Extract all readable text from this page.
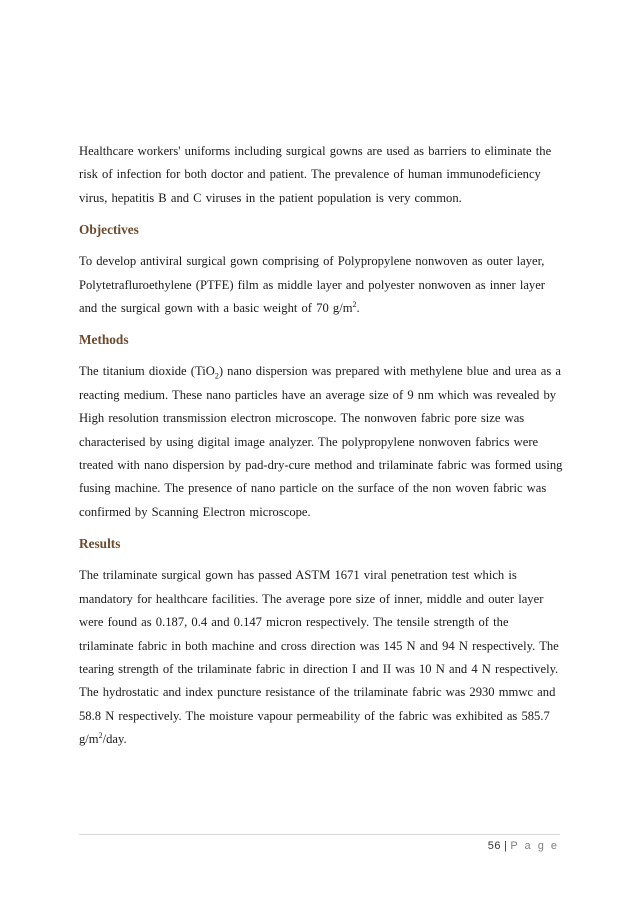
Healthcare workers' uniforms including surgical gowns are used as barriers to eliminate the
risk of infection for both doctor and patient. The prevalence of human immunodeficiency
virus, hepatitis B and C viruses in the patient population is very common.

Objectives

To develop antiviral surgical gown comprising of Polypropylene nonwoven as outer layer,
Polytetrafluroethylene (PTFE) film as middle layer and polyester nonwoven as inner layer
and the surgical gown with a basic weight of 70 $g/m^2$.

Methods

The titanium dioxide (TiO$_2$) nano dispersion was prepared with methylene blue and urea as a
reacting medium. These nano particles have an average size of 9 nm which was revealed by
High resolution transmission electron microscope. The nonwoven fabric pore size was
characterised by using digital image analyzer. The polypropylene nonwoven fabrics were
treated with nano dispersion by pad-dry-cure method and trilaminate fabric was formed using
fusing machine. The presence of nano particle on the surface of the non woven fabric was
confirmed by Scanning Electron microscope.

Results

The trilaminate surgical gown has passed ASTM 1671 viral penetration test which is
mandatory for healthcare facilities. The average pore size of inner, middle and outer layer
were found as 0.187, 0.4 and 0.147 micron respectively. The tensile strength of the
trilaminate fabric in both machine and cross direction was 145 N and 94 N respectively. The
tearing strength of the trilaminate fabric in direction I and II was 10 N and 4 N respectively.
The hydrostatic and index puncture resistance of the trilaminate fabric was 2930 mmwc and
58.8 N respectively. The moisture vapour permeability of the fabric was exhibited as 585.7
$g/m^2$/day.

56 | P a g e
